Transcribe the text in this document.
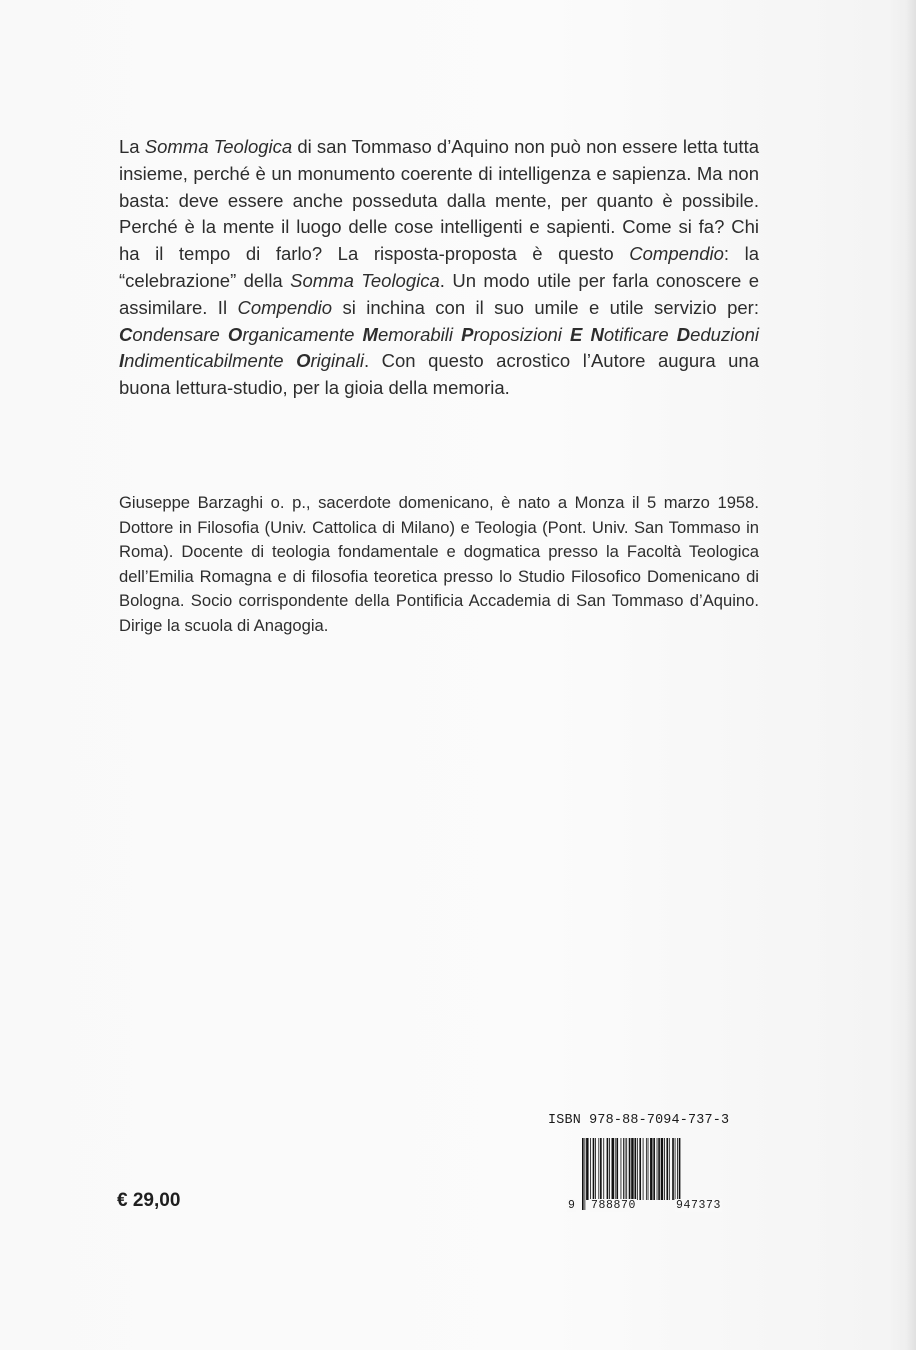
La Somma Teologica di san Tommaso d’Aquino non può non essere letta tutta insieme, perché è un monumento coerente di intelligenza e sapienza. Ma non basta: deve essere anche posseduta dalla mente, per quanto è possibile. Perché è la mente il luogo delle cose intelligenti e sapienti. Come si fa? Chi ha il tempo di farlo? La risposta-proposta è questo Compendio: la “celebrazione” della Somma Teologica. Un modo utile per farla conoscere e assimilare. Il Compendio si inchina con il suo umile e utile servizio per: Condensare Organicamente Memorabili Proposizioni E Notificare Deduzioni Indimenticabilmente Originali. Con questo acrostico l’Autore augura una buona lettura-studio, per la gioia della memoria.
Giuseppe Barzaghi o. p., sacerdote domenicano, è nato a Monza il 5 marzo 1958. Dottore in Filosofia (Univ. Cattolica di Milano) e Teologia (Pont. Univ. San Tommaso in Roma). Docente di teologia fondamentale e dogmatica presso la Facoltà Teologica dell’Emilia Romagna e di filosofia teoretica presso lo Studio Filosofico Domenicano di Bologna. Socio corrispondente della Pontificia Accademia di San Tommaso d’Aquino. Dirige la scuola di Anagogia.
ISBN 978-88-7094-737-3
9 788870	947373
€ 29,00
